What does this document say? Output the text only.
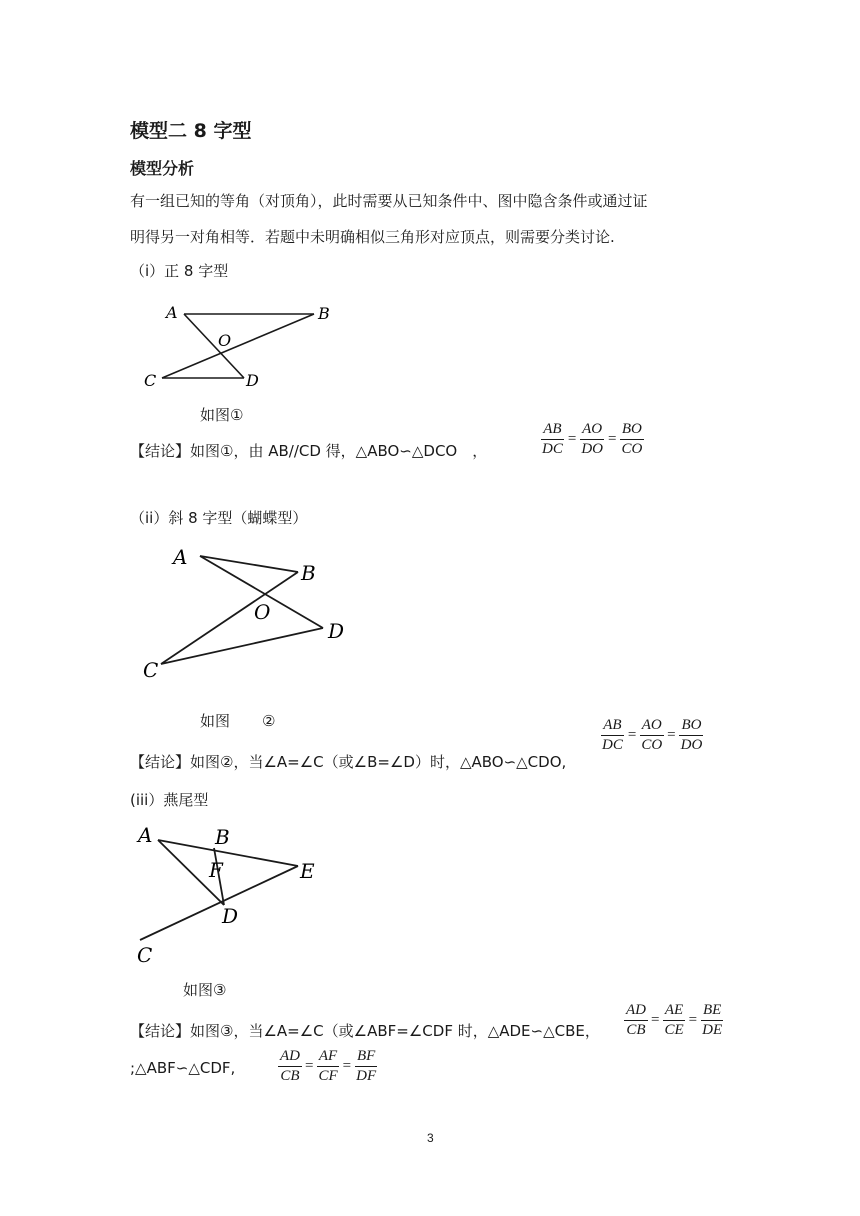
模型二 8 字型
模型分析
有一组已知的等角（对顶角），此时需要从已知条件中、图中隐含条件或通过证
明得另一对角相等．若题中未明确相似三角形对应顶点，则需要分类讨论.
（i）正 8 字型
A	B
O
C	D
如图①
【结论】如图①，由 AB//CD 得，△ABO∽△DCO　，	$\frac{AB}{DC} = \frac{AO}{DO} = \frac{BO}{CO}$
（ii）斜 8 字型（蝴蝶型）
A
B
O
C
D
如图 ②	$\frac{AB}{DC} = \frac{AO}{CO} = \frac{BO}{DO}$
【结论】如图②，当∠A=∠C（或∠B=∠D）时，△ABO∽△CDO,
(iii）燕尾型
A	B
F	E
D
C
如图③
【结论】如图③，当∠A=∠C（或∠ABF=∠CDF 时，△ADE∽△CBE， $\frac{AD}{CB} = \frac{AE}{CE} = \frac{BE}{DE}$
;△ABF∽△CDF,	$\frac{AD}{CB} = \frac{AF}{CF} = \frac{BF}{DF}$
3
